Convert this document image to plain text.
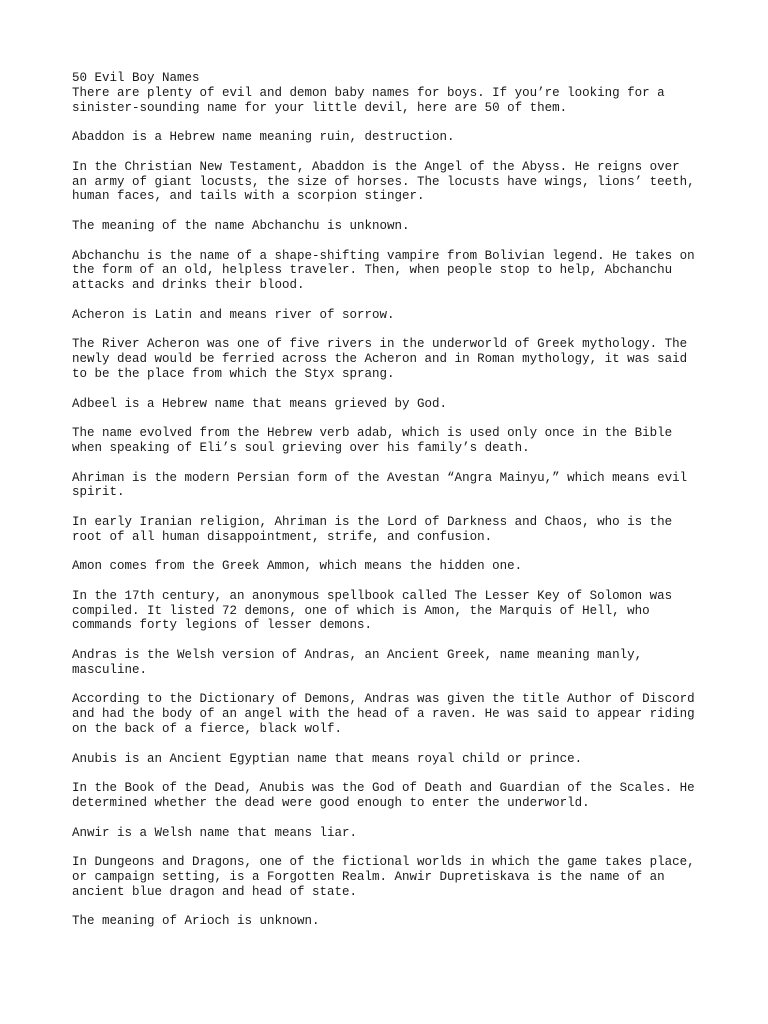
50 Evil Boy Names
There are plenty of evil and demon baby names for boys. If you’re looking for a
sinister-sounding name for your little devil, here are 50 of them.
Abaddon is a Hebrew name meaning ruin, destruction.
In the Christian New Testament, Abaddon is the Angel of the Abyss. He reigns over
an army of giant locusts, the size of horses. The locusts have wings, lions’ teeth,
human faces, and tails with a scorpion stinger.
The meaning of the name Abchanchu is unknown.
Abchanchu is the name of a shape-shifting vampire from Bolivian legend. He takes on
the form of an old, helpless traveler. Then, when people stop to help, Abchanchu
attacks and drinks their blood.
Acheron is Latin and means river of sorrow.
The River Acheron was one of five rivers in the underworld of Greek mythology. The
newly dead would be ferried across the Acheron and in Roman mythology, it was said
to be the place from which the Styx sprang.
Adbeel is a Hebrew name that means grieved by God.
The name evolved from the Hebrew verb adab, which is used only once in the Bible
when speaking of Eli’s soul grieving over his family’s death.
Ahriman is the modern Persian form of the Avestan “Angra Mainyu,” which means evil
spirit.
In early Iranian religion, Ahriman is the Lord of Darkness and Chaos, who is the
root of all human disappointment, strife, and confusion.
Amon comes from the Greek Ammon, which means the hidden one.
In the 17th century, an anonymous spellbook called The Lesser Key of Solomon was
compiled. It listed 72 demons, one of which is Amon, the Marquis of Hell, who
commands forty legions of lesser demons.
Andras is the Welsh version of Andras, an Ancient Greek, name meaning manly,
masculine.
According to the Dictionary of Demons, Andras was given the title Author of Discord
and had the body of an angel with the head of a raven. He was said to appear riding
on the back of a fierce, black wolf.
Anubis is an Ancient Egyptian name that means royal child or prince.
In the Book of the Dead, Anubis was the God of Death and Guardian of the Scales. He
determined whether the dead were good enough to enter the underworld.
Anwir is a Welsh name that means liar.
In Dungeons and Dragons, one of the fictional worlds in which the game takes place,
or campaign setting, is a Forgotten Realm. Anwir Dupretiskava is the name of an
ancient blue dragon and head of state.
The meaning of Arioch is unknown.
